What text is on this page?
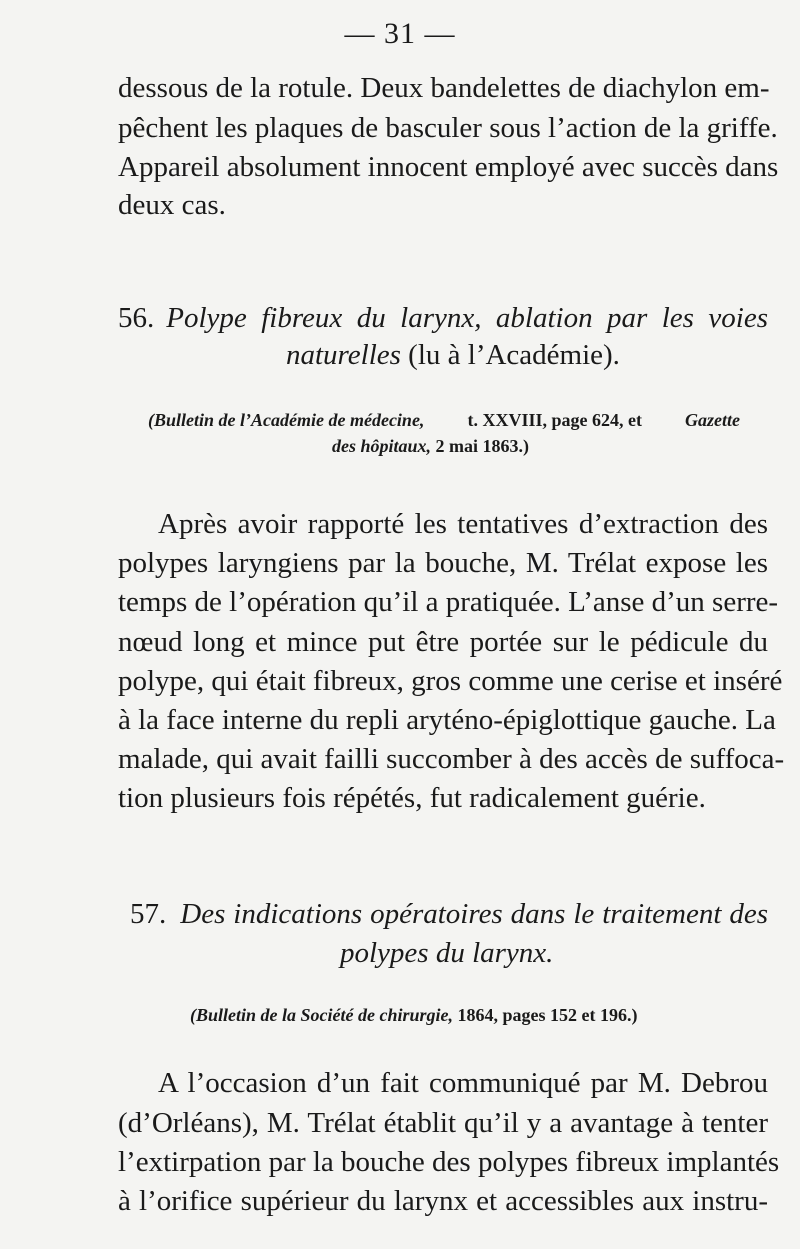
— 31 —
dessous de la rotule. Deux bandelettes de diachylon em-
pêchent les plaques de basculer sous l’action de la griffe.
Appareil absolument innocent employé avec succès dans
deux cas.
56. Polype fibreux du larynx, ablation par les voies
naturelles (lu à l’Académie).
(Bulletin de l’Académie de médecine, t. XXVIII, page 624, et Gazette
des hôpitaux, 2 mai 1863.)
Après avoir rapporté les tentatives d’extraction des
polypes laryngiens par la bouche, M. Trélat expose les
temps de l’opération qu’il a pratiquée. L’anse d’un serre-
nœud long et mince put être portée sur le pédicule du
polype, qui était fibreux, gros comme une cerise et inséré
à la face interne du repli aryténo-épiglottique gauche. La
malade, qui avait failli succomber à des accès de suffoca-
tion plusieurs fois répétés, fut radicalement guérie.
57. Des indications opératoires dans le traitement des
polypes du larynx.
(Bulletin de la Société de chirurgie, 1864, pages 152 et 196.)
A l’occasion d’un fait communiqué par M. Debrou
(d’Orléans), M. Trélat établit qu’il y a avantage à tenter
l’extirpation par la bouche des polypes fibreux implantés
à l’orifice supérieur du larynx et accessibles aux instru-
